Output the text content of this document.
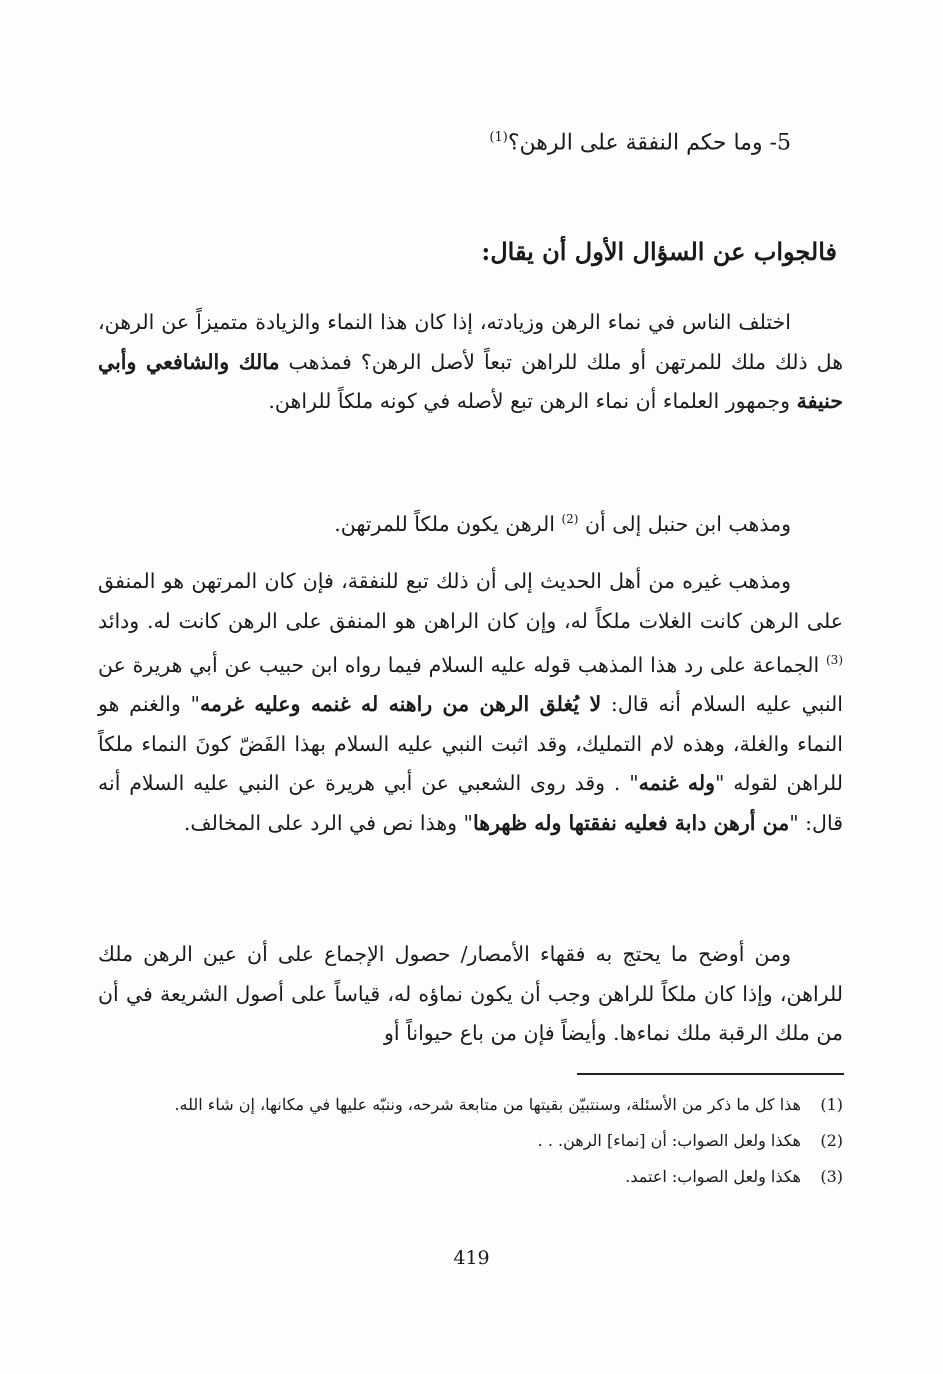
5- وما حكم النفقة على الرهن؟$^{(1)}$
فالجواب عن السؤال الأول أن يقال:

اختلف الناس في نماء الرهن وزيادته، إذا كان هذا النماء والزيادة متميزاً عن الرهن، هل ذلك ملك للمرتهن أو ملك للراهن تبعاً لأصل الرهن؟ فمذهب مالك والشافعي وأبي حنيفة وجمهور العلماء أن نماء الرهن تبع لأصله في كونه ملكاً للراهن.

ومذهب ابن حنبل إلى أن $^{(2)}$ الرهن يكون ملكاً للمرتهن.

ومذهب غيره من أهل الحديث إلى أن ذلك تبع للنفقة، فإن كان المرتهن هو المنفق على الرهن كانت الغلات ملكاً له، وإن كان الراهن هو المنفق على الرهن كانت له. ودائد $^{(3)}$ الجماعة على رد هذا المذهب قوله عليه السلام فيما رواه ابن حبيب عن أبي هريرة عن النبي عليه السلام أنه قال: لا يُغلق الرهن من راهنه له غنمه وعليه غرمه" والغنم هو النماء والغلة، وهذه لام التمليك، وقد اثبت النبي عليه السلام بهذا الفَضّ كونَ النماء ملكاً للراهن لقوله "وله غنمه" . وقد روى الشعبي عن أبي هريرة عن النبي عليه السلام أنه قال: "من أرهن دابة فعليه نفقتها وله ظهرها" وهذا نص في الرد على المخالف.

ومن أوضح ما يحتج به فقهاء الأمصار/ حصول الإجماع على أن عين الرهن ملك للراهن، وإذا كان ملكاً للراهن وجب أن يكون نماؤه له، قياساً على أصول الشريعة في أن من ملك الرقبة ملك نماءها. وأيضاً فإن من باع حيواناً أو

(1)
هذا كل ما ذكر من الأسئلة، وسنتبيّن بقيتها من متابعة شرحه، وننبّه عليها في مكانها، إن شاء الله.
(2)
هكذا ولعل الصواب: أن [نماء] الرهن. . .
(3)
هكذا ولعل الصواب: اعتمد.
419
